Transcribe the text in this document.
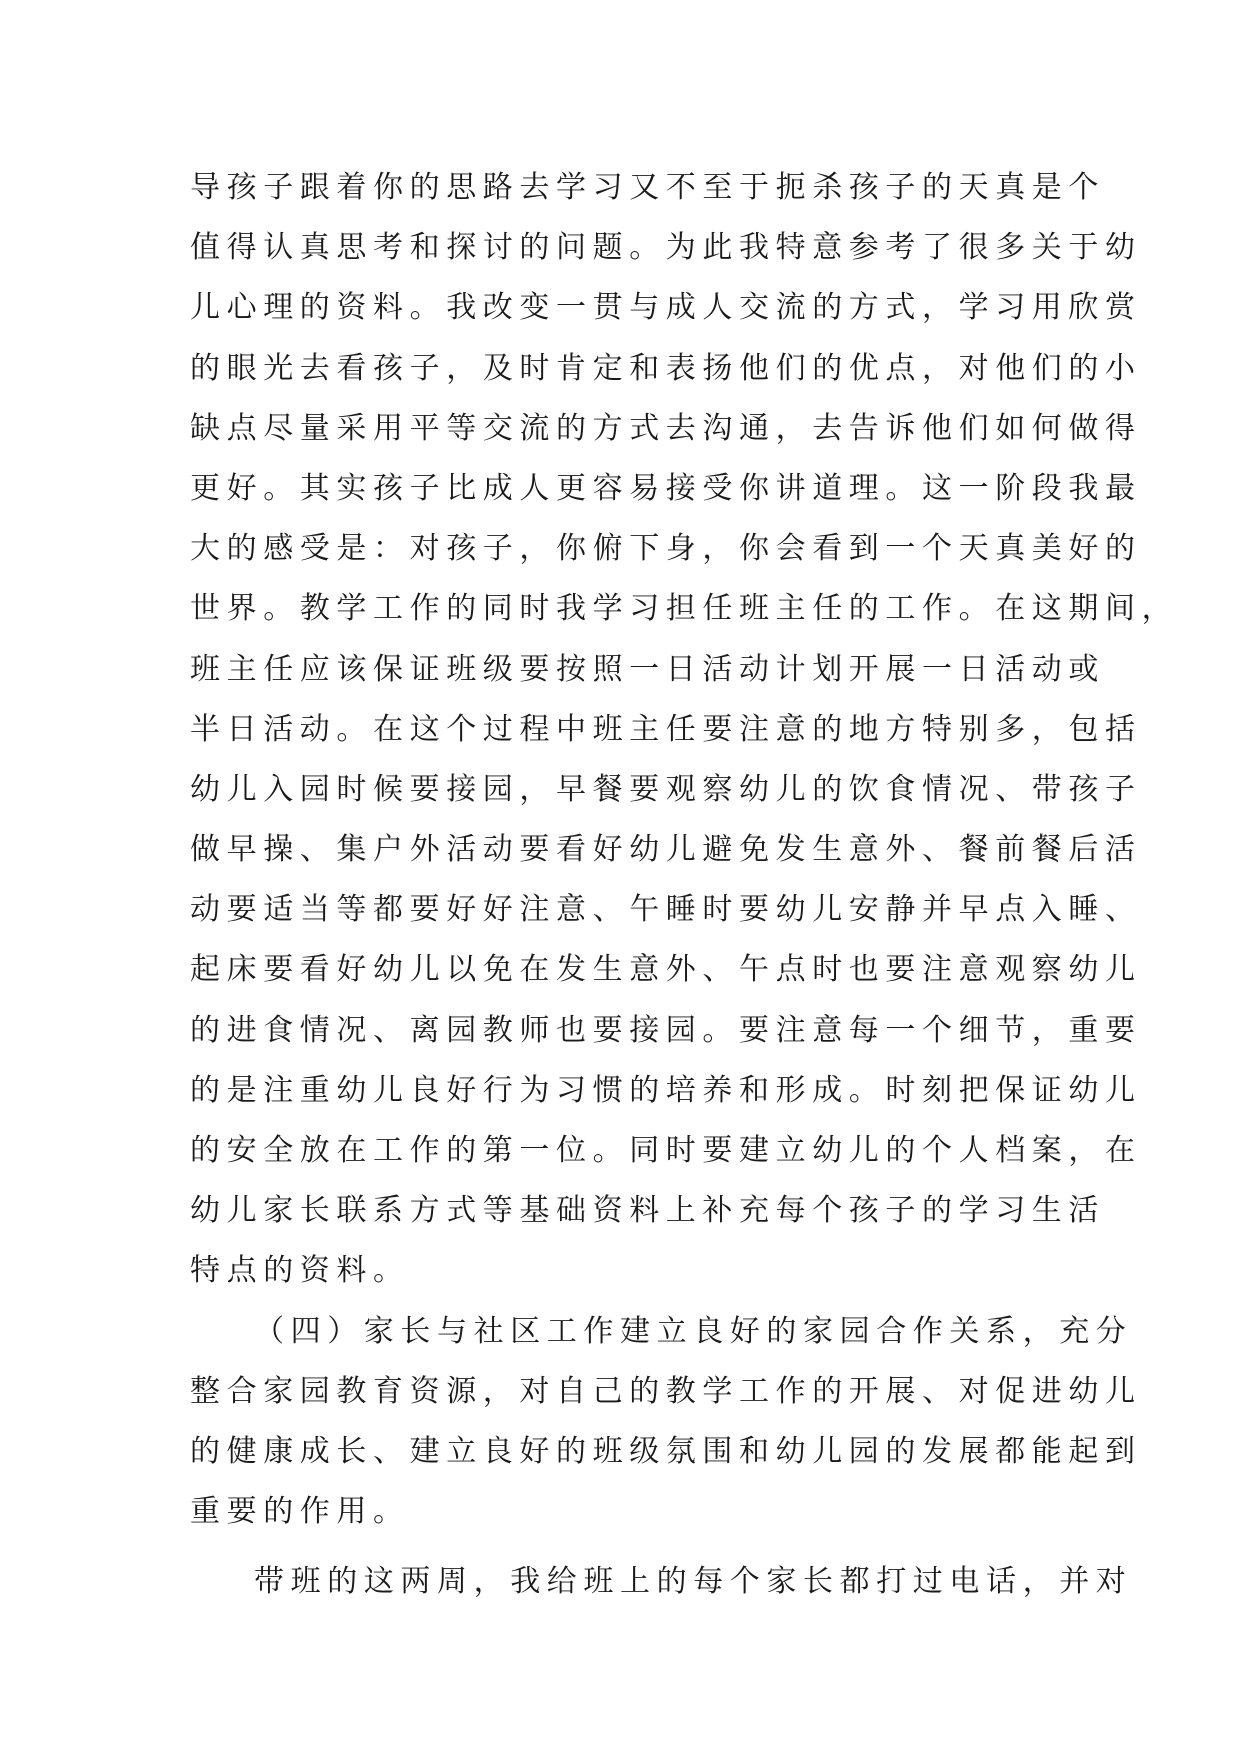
导孩子跟着你的思路去学习又不至于扼杀孩子的天真是个
值得认真思考和探讨的问题。为此我特意参考了很多关于幼
儿心理的资料。我改变一贯与成人交流的方式，学习用欣赏
的眼光去看孩子，及时肯定和表扬他们的优点，对他们的小
缺点尽量采用平等交流的方式去沟通，去告诉他们如何做得
更好。其实孩子比成人更容易接受你讲道理。这一阶段我最
大的感受是：对孩子，你俯下身，你会看到一个天真美好的
世界。教学工作的同时我学习担任班主任的工作。在这期间，
班主任应该保证班级要按照一日活动计划开展一日活动或
半日活动。在这个过程中班主任要注意的地方特别多，包括
幼儿入园时候要接园，早餐要观察幼儿的饮食情况、带孩子
做早操、集户外活动要看好幼儿避免发生意外、餐前餐后活
动要适当等都要好好注意、午睡时要幼儿安静并早点入睡、
起床要看好幼儿以免在发生意外、午点时也要注意观察幼儿
的进食情况、离园教师也要接园。要注意每一个细节，重要
的是注重幼儿良好行为习惯的培养和形成。时刻把保证幼儿
的安全放在工作的第一位。同时要建立幼儿的个人档案，在
幼儿家长联系方式等基础资料上补充每个孩子的学习生活
特点的资料。
（四）家长与社区工作建立良好的家园合作关系，充分
整合家园教育资源，对自己的教学工作的开展、对促进幼儿
的健康成长、建立良好的班级氛围和幼儿园的发展都能起到
重要的作用。
带班的这两周，我给班上的每个家长都打过电话，并对
